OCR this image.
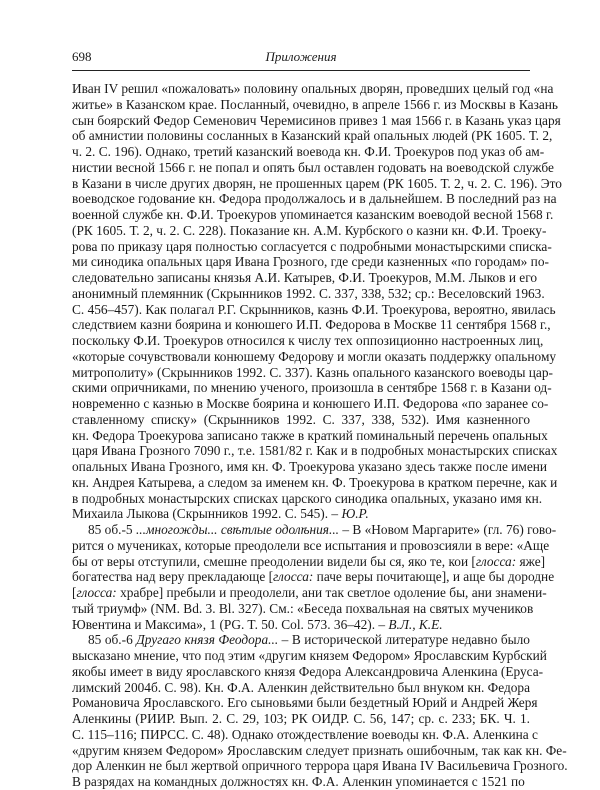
698	Приложения

Иван IV решил «пожаловать» половину опальных дворян, проведших целый год «на
житье» в Казанском крае. Посланный, очевидно, в апреле 1566 г. из Москвы в Казань
сын боярский Федор Семенович Черемисинов привез 1 мая 1566 г. в Казань указ царя
об амнистии половины сосланных в Казанский край опальных людей (РК 1605. Т. 2,
ч. 2. С. 196). Однако, третий казанский воевода кн. Ф.И. Троекуров под указ об ам-
нистии весной 1566 г. не попал и опять был оставлен годовать на воеводской службе
в Казани в числе других дворян, не прошенных царем (РК 1605. Т. 2, ч. 2. С. 196). Это
воеводское годование кн. Федора продолжалось и в дальнейшем. В последний раз на
военной службе кн. Ф.И. Троекуров упоминается казанским воеводой весной 1568 г.
(РК 1605. Т. 2, ч. 2. С. 228). Показание кн. А.М. Курбского о казни кн. Ф.И. Троеку-
рова по приказу царя полностью согласуется с подробными монастырскими списка-
ми синодика опальных царя Ивана Грозного, где среди казненных «по городам» по-
следовательно записаны князья А.И. Катырев, Ф.И. Троекуров, М.М. Лыков и его
анонимный племянник (Скрынников 1992. С. 337, 338, 532; ср.: Веселовский 1963.
С. 456–457). Как полагал Р.Г. Скрынников, казнь Ф.И. Троекурова, вероятно, явилась
следствием казни боярина и конюшего И.П. Федорова в Москве 11 сентября 1568 г.,
поскольку Ф.И. Троекуров относился к числу тех оппозиционно настроенных лиц,
«которые сочувствовали конюшему Федорову и могли оказать поддержку опальному
митрополиту» (Скрынников 1992. С. 337). Казнь опального казанского воеводы цар-
скими опричниками, по мнению ученого, произошла в сентябре 1568 г. в Казани од-
новременно с казнью в Москве боярина и конюшего И.П. Федорова «по заранее со-
ставленному списку» (Скрынников 1992. С. 337, 338, 532). Имя казненного
кн. Федора Троекурова записано также в краткий поминальный перечень опальных
царя Ивана Грозного 7090 г., т.е. 1581/82 г. Как и в подробных монастырских списках
опальных Ивана Грозного, имя кн. Ф. Троекурова указано здесь также после имени
кн. Андрея Катырева, а следом за именем кн. Ф. Троекурова в кратком перечне, как и
в подробных монастырских списках царского синодика опальных, указано имя кн.
Михаила Лыкова (Скрынников 1992. С. 545). – Ю.Р.

85 об.-5 ...многожды... свѣтлые одолѣния... – В «Новом Маргарите» (гл. 76) гово-
рится о мучениках, которые преодолели все испытания и провозсияли в вере: «Аще
бы от веры отступили, смешне преодолении видели бы ся, яко те, кои [глосса: яже]
богатества над веру прекладающе [глосса: паче веры почитающе], и аще бы дородне
[глосса: храбре] пребыли и преодолели, ани так светлое одоление бы, ани знамени-
тый триумф» (NM. Bd. 3. Bl. 327). См.: «Беседа похвальная на святых мучеников
Ювентина и Максима», 1 (PG. T. 50. Col. 573. 36–42). – В.Л., К.Е.

85 об.-6 Другаго князя Феодора... – В исторической литературе недавно было
высказано мнение, что под этим «другим князем Федором» Ярославским Курбский
якобы имеет в виду ярославского князя Федора Александровича Аленкина (Еруса-
лимский 2004б. С. 98). Кн. Ф.А. Аленкин действительно был внуком кн. Федора
Романовича Ярославского. Его сыновьями были бездетный Юрий и Андрей Жеря
Аленкины (РИИР. Вып. 2. С. 29, 103; РК ОИДР. С. 56, 147; ср. с. 233; БК. Ч. 1.
С. 115–116; ПИРСС. С. 48). Однако отождествление воеводы кн. Ф.А. Аленкина с
«другим князем Федором» Ярославским следует признать ошибочным, так как кн. Фе-
дор Аленкин не был жертвой опричного террора царя Ивана IV Васильевича Грозного.
В разрядах на командных должностях кн. Ф.А. Аленкин упоминается с 1521 по
